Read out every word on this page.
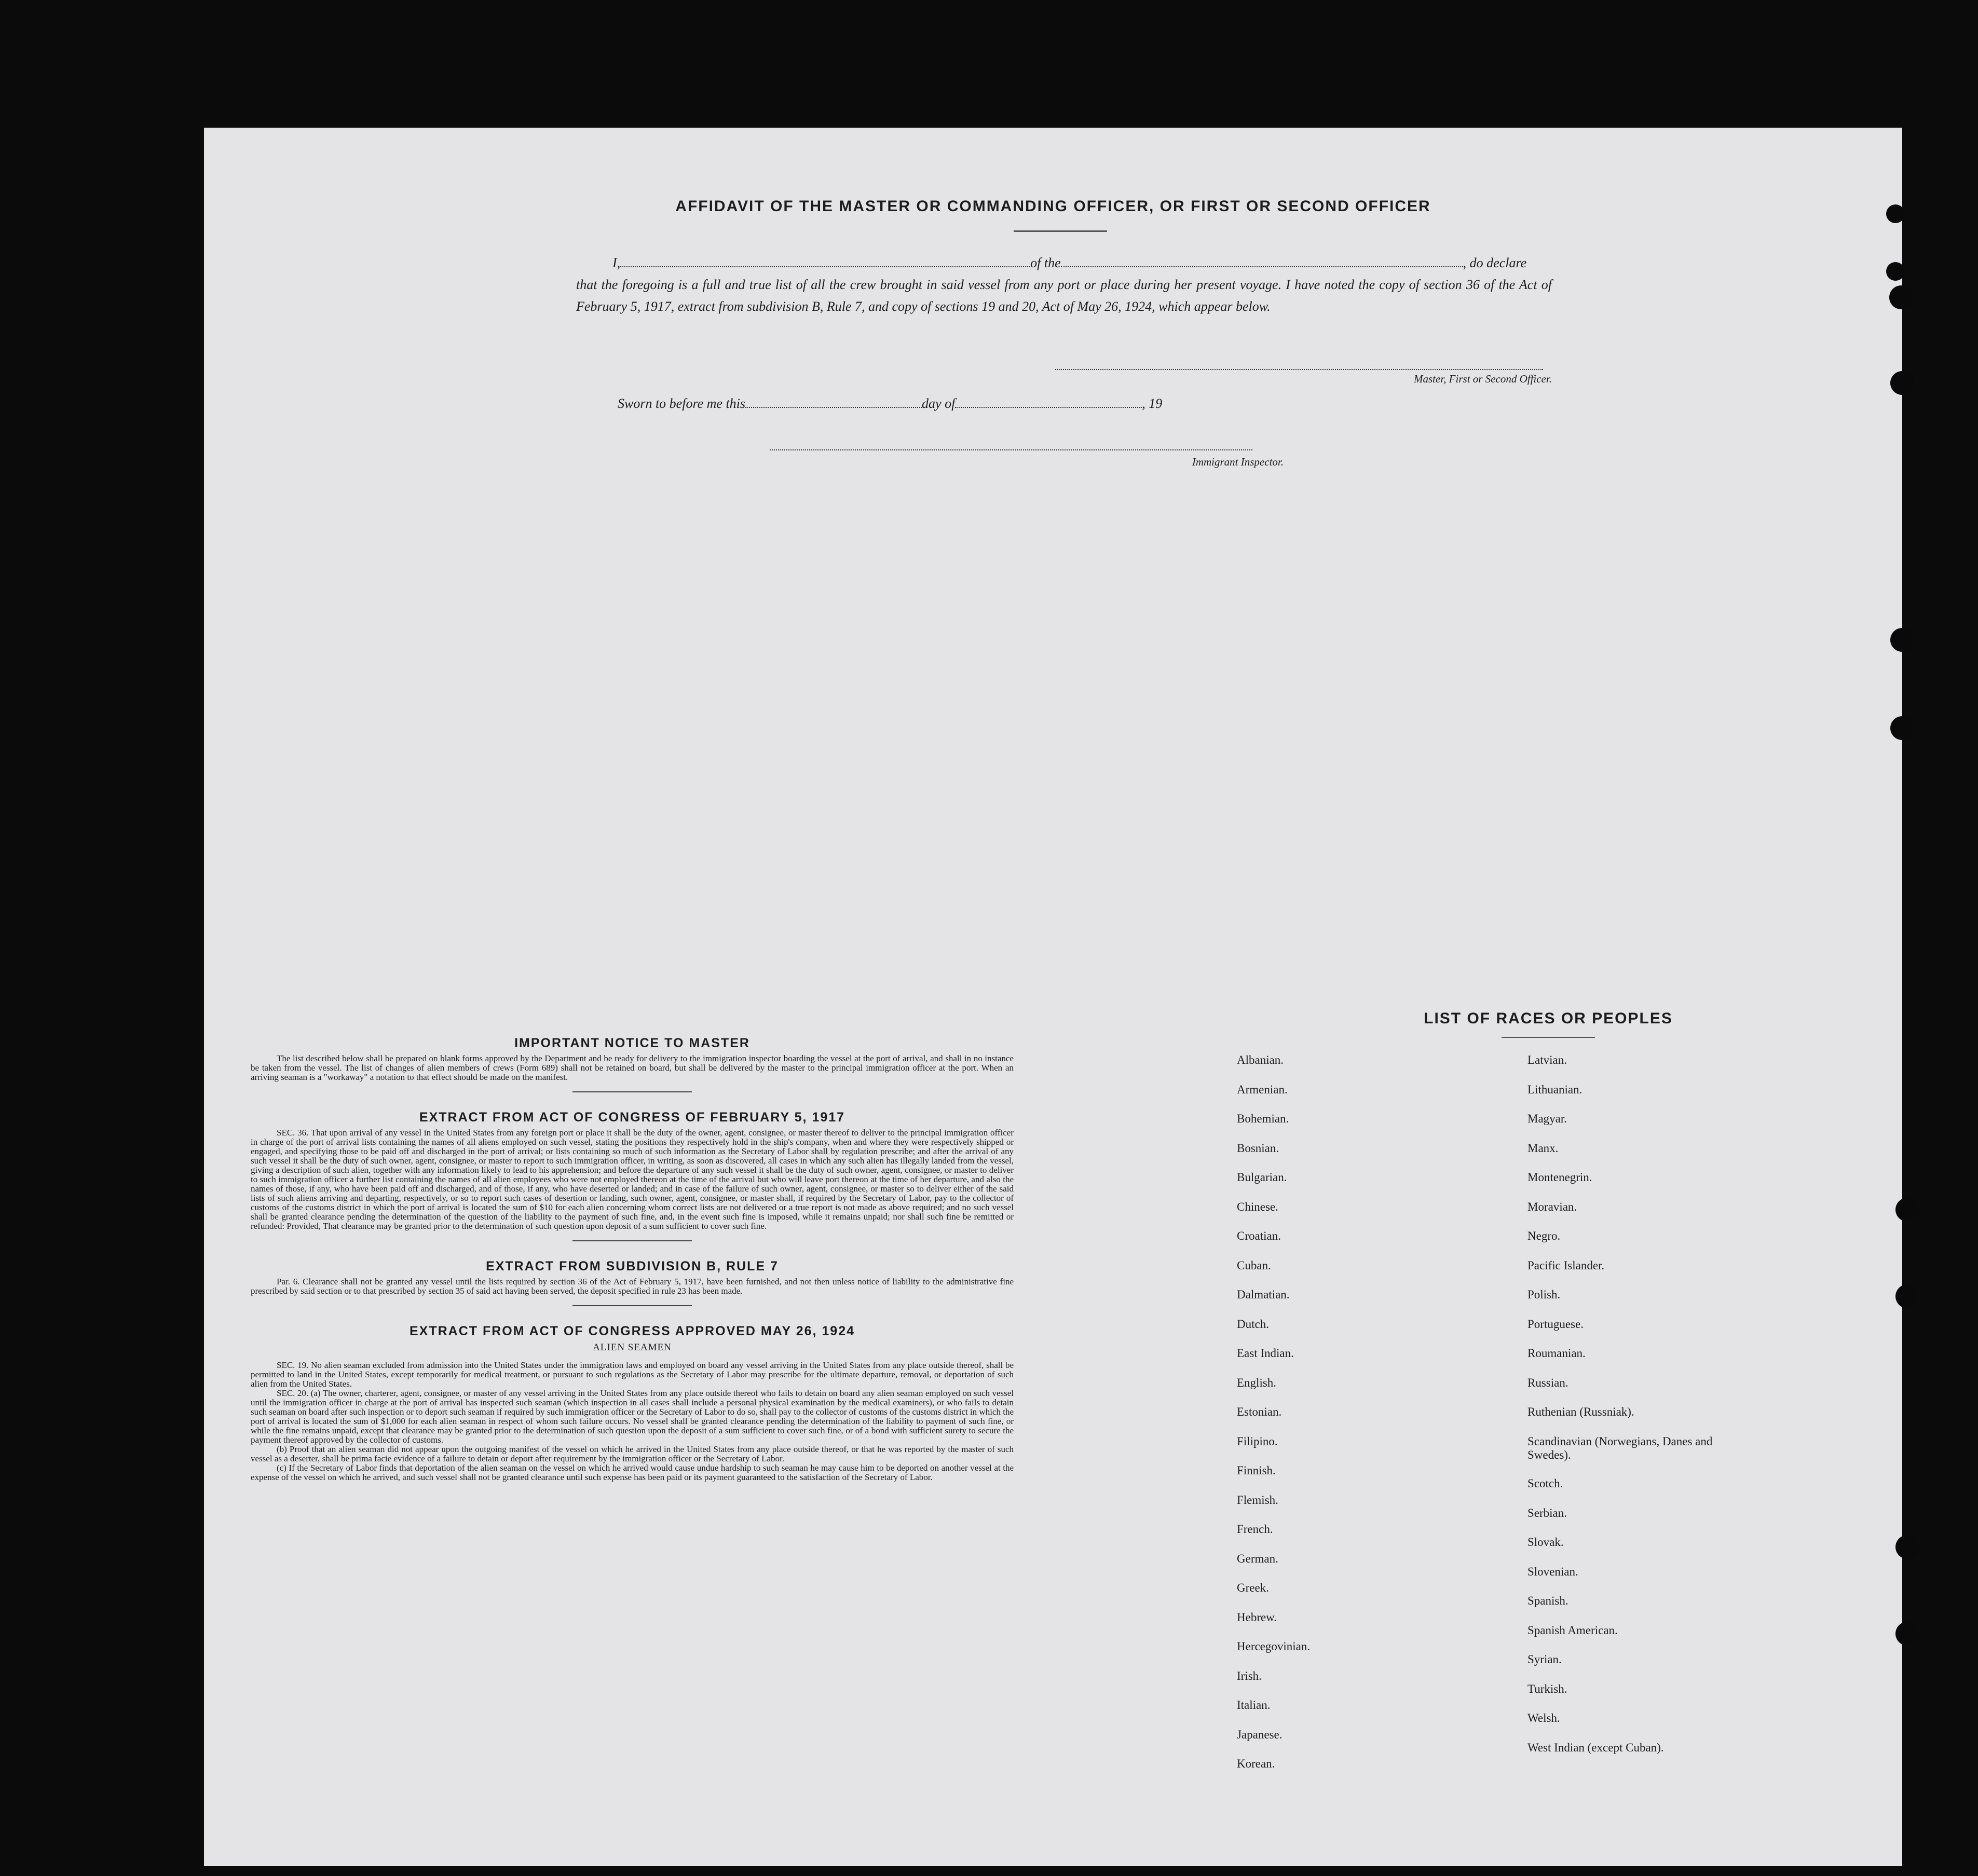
AFFIDAVIT OF THE MASTER OR COMMANDING OFFICER, OR FIRST OR SECOND OFFICER
I,	of the	, do declare
that the foregoing is a full and true list of all the crew brought in said vessel from any port or place during her present voyage. I have noted the copy of section 36 of the Act of February 5, 1917, extract from subdivision B, Rule 7, and copy of sections 19 and 20, Act of May 26, 1924, which appear below.
Master, First or Second Officer.
Sworn to before me this	day of	, 19
Immigrant Inspector.
IMPORTANT NOTICE TO MASTER

The list described below shall be prepared on blank forms approved by the Department and be ready for delivery to the immigration inspector boarding the vessel at the port of arrival, and shall in no instance be taken from the vessel. The list of changes of alien members of crews (Form 689) shall not be retained on board, but shall be delivered by the master to the principal immigration officer at the port. When an arriving seaman is a "workaway" a notation to that effect should be made on the manifest.

EXTRACT FROM ACT OF CONGRESS OF FEBRUARY 5, 1917

SEC. 36. That upon arrival of any vessel in the United States from any foreign port or place it shall be the duty of the owner, agent, consignee, or master thereof to deliver to the principal immigration officer in charge of the port of arrival lists containing the names of all aliens employed on such vessel, stating the positions they respectively hold in the ship's company, when and where they were respectively shipped or engaged, and specifying those to be paid off and discharged in the port of arrival; or lists containing so much of such information as the Secretary of Labor shall by regulation prescribe; and after the arrival of any such vessel it shall be the duty of such owner, agent, consignee, or master to report to such immigration officer, in writing, as soon as discovered, all cases in which any such alien has illegally landed from the vessel, giving a description of such alien, together with any information likely to lead to his apprehension; and before the departure of any such vessel it shall be the duty of such owner, agent, consignee, or master to deliver to such immigration officer a further list containing the names of all alien employees who were not employed thereon at the time of the arrival but who will leave port thereon at the time of her departure, and also the names of those, if any, who have been paid off and discharged, and of those, if any, who have deserted or landed; and in case of the failure of such owner, agent, consignee, or master so to deliver either of the said lists of such aliens arriving and departing, respectively, or so to report such cases of desertion or landing, such owner, agent, consignee, or master shall, if required by the Secretary of Labor, pay to the collector of customs of the customs district in which the port of arrival is located the sum of $10 for each alien concerning whom correct lists are not delivered or a true report is not made as above required; and no such vessel shall be granted clearance pending the determination of the question of the liability to the payment of such fine, and, in the event such fine is imposed, while it remains unpaid; nor shall such fine be remitted or refunded: Provided, That clearance may be granted prior to the determination of such question upon deposit of a sum sufficient to cover such fine.

EXTRACT FROM SUBDIVISION B, RULE 7

Par. 6. Clearance shall not be granted any vessel until the lists required by section 36 of the Act of February 5, 1917, have been furnished, and not then unless notice of liability to the administrative fine prescribed by said section or to that prescribed by section 35 of said act having been served, the deposit specified in rule 23 has been made.

EXTRACT FROM ACT OF CONGRESS APPROVED MAY 26, 1924
ALIEN SEAMEN

SEC. 19. No alien seaman excluded from admission into the United States under the immigration laws and employed on board any vessel arriving in the United States from any place outside thereof, shall be permitted to land in the United States, except temporarily for medical treatment, or pursuant to such regulations as the Secretary of Labor may prescribe for the ultimate departure, removal, or deportation of such alien from the United States.

SEC. 20. (a) The owner, charterer, agent, consignee, or master of any vessel arriving in the United States from any place outside thereof who fails to detain on board any alien seaman employed on such vessel until the immigration officer in charge at the port of arrival has inspected such seaman (which inspection in all cases shall include a personal physical examination by the medical examiners), or who fails to detain such seaman on board after such inspection or to deport such seaman if required by such immigration officer or the Secretary of Labor to do so, shall pay to the collector of customs of the customs district in which the port of arrival is located the sum of $1,000 for each alien seaman in respect of whom such failure occurs. No vessel shall be granted clearance pending the determination of the liability to payment of such fine, or while the fine remains unpaid, except that clearance may be granted prior to the determination of such question upon the deposit of a sum sufficient to cover such fine, or of a bond with sufficient surety to secure the payment thereof approved by the collector of customs.

(b) Proof that an alien seaman did not appear upon the outgoing manifest of the vessel on which he arrived in the United States from any place outside thereof, or that he was reported by the master of such vessel as a deserter, shall be prima facie evidence of a failure to detain or deport after requirement by the immigration officer or the Secretary of Labor.

(c) If the Secretary of Labor finds that deportation of the alien seaman on the vessel on which he arrived would cause undue hardship to such seaman he may cause him to be deported on another vessel at the expense of the vessel on which he arrived, and such vessel shall not be granted clearance until such expense has been paid or its payment guaranteed to the satisfaction of the Secretary of Labor.

LIST OF RACES OR PEOPLES
Albanian.
Armenian.
Bohemian.
Bosnian.
Bulgarian.
Chinese.
Croatian.
Cuban.
Dalmatian.
Dutch.
East Indian.
English.
Estonian.
Filipino.
Finnish.
Flemish.
French.
German.
Greek.
Hebrew.
Hercegovinian.
Irish.
Italian.
Japanese.
Korean.
Latvian.
Lithuanian.
Magyar.
Manx.
Montenegrin.
Moravian.
Negro.
Pacific Islander.
Polish.
Portuguese.
Roumanian.
Russian.
Ruthenian (Russniak).
Scandinavian (Norwegians, Danes and Swedes).
Scotch.
Serbian.
Slovak.
Slovenian.
Spanish.
Spanish American.
Syrian.
Turkish.
Welsh.
West Indian (except Cuban).
